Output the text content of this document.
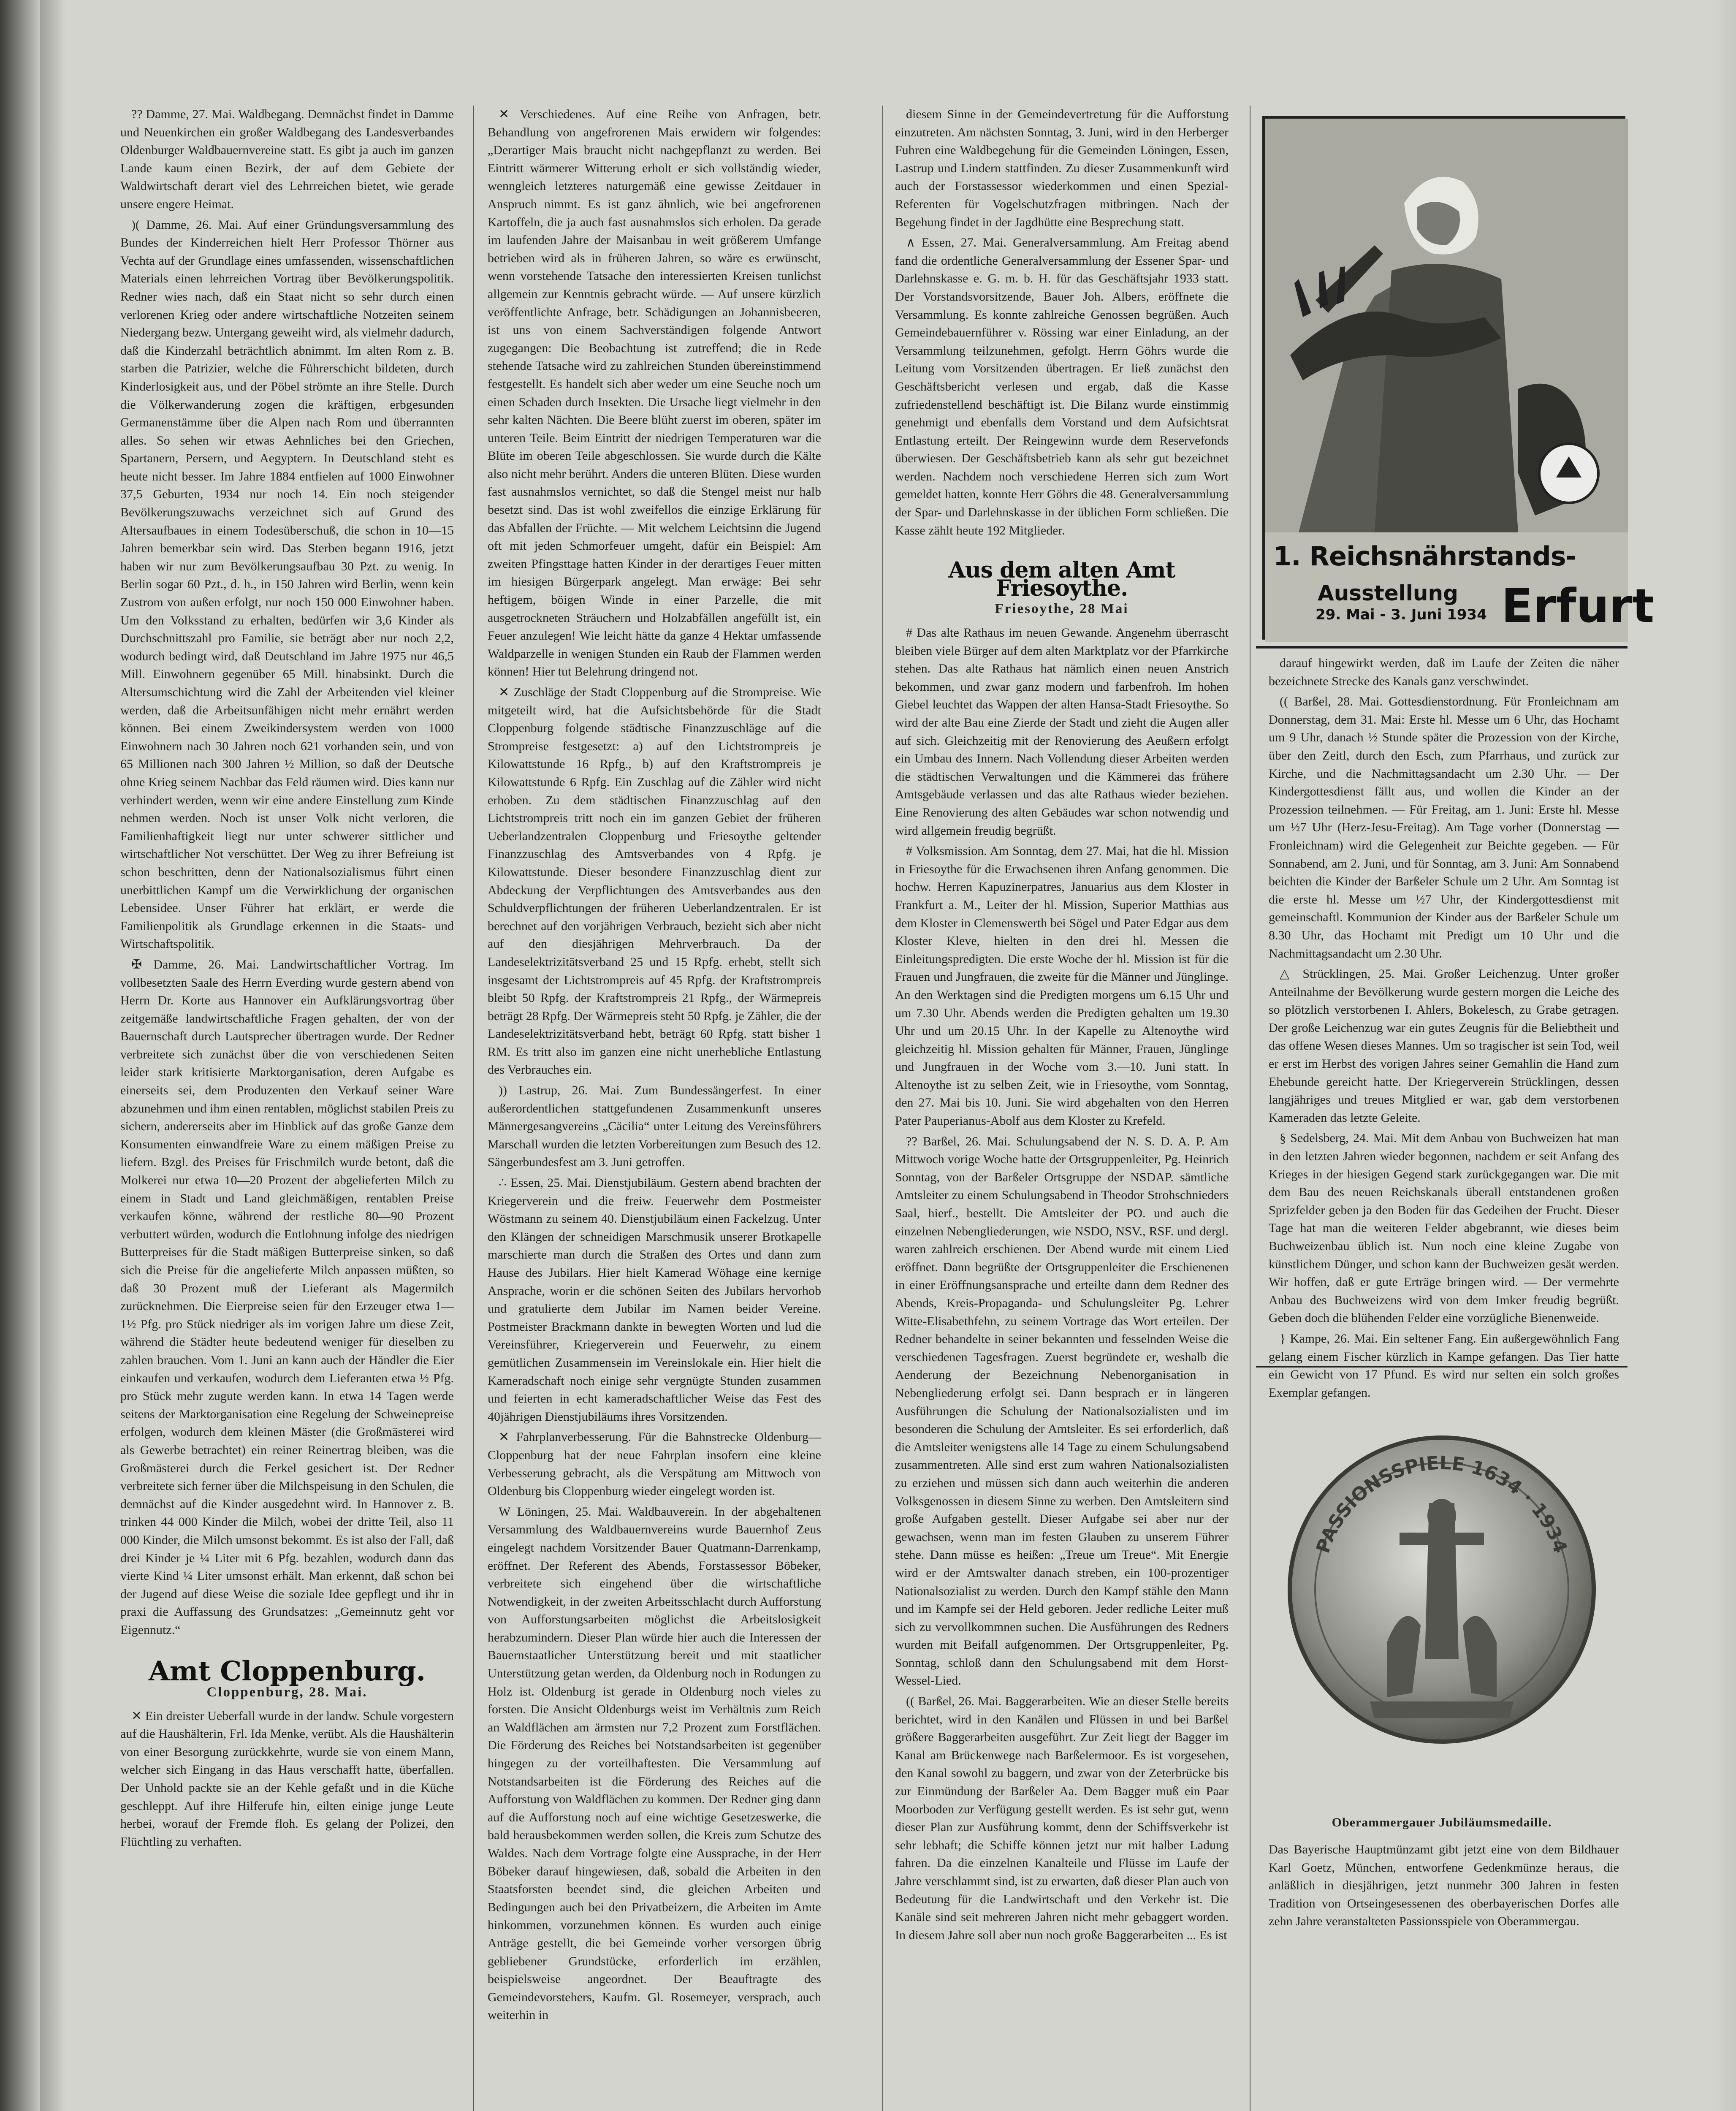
?? Damme, 27. Mai. Waldbegang. Demnächst findet in Damme und Neuenkirchen ein großer Waldbegang des Landesverbandes Oldenburger Waldbauernvereine statt. Es gibt ja auch im ganzen Lande kaum einen Bezirk, der auf dem Gebiete der Waldwirtschaft derart viel des Lehrreichen bietet, wie gerade unsere engere Heimat.

)( Damme, 26. Mai. Auf einer Gründungsversammlung des Bundes der Kinderreichen hielt Herr Professor Thörner aus Vechta auf der Grundlage eines umfassenden, wissenschaftlichen Materials einen lehrreichen Vortrag über Bevölkerungspolitik. Redner wies nach, daß ein Staat nicht so sehr durch einen verlorenen Krieg oder andere wirtschaftliche Notzeiten seinem Niedergang bezw. Untergang geweiht wird, als vielmehr dadurch, daß die Kinderzahl beträchtlich abnimmt. Im alten Rom z. B. starben die Patrizier, welche die Führerschicht bildeten, durch Kinderlosigkeit aus, und der Pöbel strömte an ihre Stelle. Durch die Völkerwanderung zogen die kräftigen, erbgesunden Germanenstämme über die Alpen nach Rom und überrannten alles. So sehen wir etwas Aehnliches bei den Griechen, Spartanern, Persern, und Aegyptern. In Deutschland steht es heute nicht besser. Im Jahre 1884 entfielen auf 1000 Einwohner 37,5 Geburten, 1934 nur noch 14. Ein noch steigender Bevölkerungszuwachs verzeichnet sich auf Grund des Altersaufbaues in einem Todesüberschuß, die schon in 10—15 Jahren bemerkbar sein wird. Das Sterben begann 1916, jetzt haben wir nur zum Bevölkerungsaufbau 30 Pzt. zu wenig. In Berlin sogar 60 Pzt., d. h., in 150 Jahren wird Berlin, wenn kein Zustrom von außen erfolgt, nur noch 150 000 Einwohner haben. Um den Volksstand zu erhalten, bedürfen wir 3,6 Kinder als Durchschnittszahl pro Familie, sie beträgt aber nur noch 2,2, wodurch bedingt wird, daß Deutschland im Jahre 1975 nur 46,5 Mill. Einwohnern gegenüber 65 Mill. hinabsinkt. Durch die Altersumschichtung wird die Zahl der Arbeitenden viel kleiner werden, daß die Arbeitsunfähigen nicht mehr ernährt werden können. Bei einem Zweikindersystem werden von 1000 Einwohnern nach 30 Jahren noch 621 vorhanden sein, und von 65 Millionen nach 300 Jahren ½ Million, so daß der Deutsche ohne Krieg seinem Nachbar das Feld räumen wird. Dies kann nur verhindert werden, wenn wir eine andere Einstellung zum Kinde nehmen werden. Noch ist unser Volk nicht verloren, die Familienhaftigkeit liegt nur unter schwerer sittlicher und wirtschaftlicher Not verschüttet. Der Weg zu ihrer Befreiung ist schon beschritten, denn der Nationalsozialismus führt einen unerbittlichen Kampf um die Verwirklichung der organischen Lebensidee. Unser Führer hat erklärt, er werde die Familienpolitik als Grundlage erkennen in die Staats- und Wirtschaftspolitik.

✠ Damme, 26. Mai. Landwirtschaftlicher Vortrag. Im vollbesetzten Saale des Herrn Everding wurde gestern abend von Herrn Dr. Korte aus Hannover ein Aufklärungsvortrag über zeitgemäße landwirtschaftliche Fragen gehalten, der von der Bauernschaft durch Lautsprecher übertragen wurde. Der Redner verbreitete sich zunächst über die von verschiedenen Seiten leider stark kritisierte Marktorganisation, deren Aufgabe es einerseits sei, dem Produzenten den Verkauf seiner Ware abzunehmen und ihm einen rentablen, möglichst stabilen Preis zu sichern, andererseits aber im Hinblick auf das große Ganze dem Konsumenten einwandfreie Ware zu einem mäßigen Preise zu liefern. Bzgl. des Preises für Frischmilch wurde betont, daß die Molkerei nur etwa 10—20 Prozent der abgelieferten Milch zu einem in Stadt und Land gleichmäßigen, rentablen Preise verkaufen könne, während der restliche 80—90 Prozent verbuttert würden, wodurch die Entlohnung infolge des niedrigen Butterpreises für die Stadt mäßigen Butterpreise sinken, so daß sich die Preise für die angelieferte Milch anpassen müßten, so daß 30 Prozent muß der Lieferant als Magermilch zurücknehmen. Die Eierpreise seien für den Erzeuger etwa 1—1½ Pfg. pro Stück niedriger als im vorigen Jahre um diese Zeit, während die Städter heute bedeutend weniger für dieselben zu zahlen brauchen. Vom 1. Juni an kann auch der Händler die Eier einkaufen und verkaufen, wodurch dem Lieferanten etwa ½ Pfg. pro Stück mehr zugute werden kann. In etwa 14 Tagen werde seitens der Marktorganisation eine Regelung der Schweinepreise erfolgen, wodurch dem kleinen Mäster (die Großmästerei wird als Gewerbe betrachtet) ein reiner Reinertrag bleiben, was die Großmästerei durch die Ferkel gesichert ist. Der Redner verbreitete sich ferner über die Milchspeisung in den Schulen, die demnächst auf die Kinder ausgedehnt wird. In Hannover z. B. trinken 44 000 Kinder die Milch, wobei der dritte Teil, also 11 000 Kinder, die Milch umsonst bekommt. Es ist also der Fall, daß drei Kinder je ¼ Liter mit 6 Pfg. bezahlen, wodurch dann das vierte Kind ¼ Liter umsonst erhält. Man erkennt, daß schon bei der Jugend auf diese Weise die soziale Idee gepflegt und ihr in praxi die Auffassung des Grundsatzes: „Gemeinnutz geht vor Eigennutz.“

Amt Cloppenburg.
Cloppenburg, 28. Mai.

✕ Ein dreister Ueberfall wurde in der landw. Schule vorgestern auf die Haushälterin, Frl. Ida Menke, verübt. Als die Haushälterin von einer Besorgung zurückkehrte, wurde sie von einem Mann, welcher sich Eingang in das Haus verschafft hatte, überfallen. Der Unhold packte sie an der Kehle gefaßt und in die Küche geschleppt. Auf ihre Hilferufe hin, eilten einige junge Leute herbei, worauf der Fremde floh. Es gelang der Polizei, den Flüchtling zu verhaften.

✕ Verschiedenes. Auf eine Reihe von Anfragen, betr. Behandlung von angefrorenen Mais erwidern wir folgendes: „Derartiger Mais braucht nicht nachgepflanzt zu werden. Bei Eintritt wärmerer Witterung erholt er sich vollständig wieder, wenngleich letzteres naturgemäß eine gewisse Zeitdauer in Anspruch nimmt. Es ist ganz ähnlich, wie bei angefrorenen Kartoffeln, die ja auch fast ausnahmslos sich erholen. Da gerade im laufenden Jahre der Maisanbau in weit größerem Umfange betrieben wird als in früheren Jahren, so wäre es erwünscht, wenn vorstehende Tatsache den interessierten Kreisen tunlichst allgemein zur Kenntnis gebracht würde. — Auf unsere kürzlich veröffentlichte Anfrage, betr. Schädigungen an Johannisbeeren, ist uns von einem Sachverständigen folgende Antwort zugegangen: Die Beobachtung ist zutreffend; die in Rede stehende Tatsache wird zu zahlreichen Stunden übereinstimmend festgestellt. Es handelt sich aber weder um eine Seuche noch um einen Schaden durch Insekten. Die Ursache liegt vielmehr in den sehr kalten Nächten. Die Beere blüht zuerst im oberen, später im unteren Teile. Beim Eintritt der niedrigen Temperaturen war die Blüte im oberen Teile abgeschlossen. Sie wurde durch die Kälte also nicht mehr berührt. Anders die unteren Blüten. Diese wurden fast ausnahmslos vernichtet, so daß die Stengel meist nur halb besetzt sind. Das ist wohl zweifellos die einzige Erklärung für das Abfallen der Früchte. — Mit welchem Leichtsinn die Jugend oft mit jeden Schmorfeuer umgeht, dafür ein Beispiel: Am zweiten Pfingsttage hatten Kinder in der derartiges Feuer mitten im hiesigen Bürgerpark angelegt. Man erwäge: Bei sehr heftigem, böigen Winde in einer Parzelle, die mit ausgetrockneten Sträuchern und Holzabfällen angefüllt ist, ein Feuer anzulegen! Wie leicht hätte da ganze 4 Hektar umfassende Waldparzelle in wenigen Stunden ein Raub der Flammen werden können! Hier tut Belehrung dringend not.

✕ Zuschläge der Stadt Cloppenburg auf die Strompreise. Wie mitgeteilt wird, hat die Aufsichtsbehörde für die Stadt Cloppenburg folgende städtische Finanzzuschläge auf die Strompreise festgesetzt: a) auf den Lichtstrompreis je Kilowattstunde 16 Rpfg., b) auf den Kraftstrompreis je Kilowattstunde 6 Rpfg. Ein Zuschlag auf die Zähler wird nicht erhoben. Zu dem städtischen Finanzzuschlag auf den Lichtstrompreis tritt noch ein im ganzen Gebiet der früheren Ueberlandzentralen Cloppenburg und Friesoythe geltender Finanzzuschlag des Amtsverbandes von 4 Rpfg. je Kilowattstunde. Dieser besondere Finanzzuschlag dient zur Abdeckung der Verpflichtungen des Amtsverbandes aus den Schuldverpflichtungen der früheren Ueberlandzentralen. Er ist berechnet auf den vorjährigen Verbrauch, bezieht sich aber nicht auf den diesjährigen Mehrverbrauch. Da der Landeselektrizitätsverband 25 und 15 Rpfg. erhebt, stellt sich insgesamt der Lichtstrompreis auf 45 Rpfg. der Kraftstrompreis bleibt 50 Rpfg. der Kraftstrompreis 21 Rpfg., der Wärmepreis beträgt 28 Rpfg. Der Wärmepreis steht 50 Rpfg. je Zähler, die der Landeselektrizitätsverband hebt, beträgt 60 Rpfg. statt bisher 1 RM. Es tritt also im ganzen eine nicht unerhebliche Entlastung des Verbrauches ein.

)) Lastrup, 26. Mai. Zum Bundessängerfest. In einer außerordentlichen stattgefundenen Zusammenkunft unseres Männergesangvereins „Cäcilia“ unter Leitung des Vereinsführers Marschall wurden die letzten Vorbereitungen zum Besuch des 12. Sängerbundesfest am 3. Juni getroffen.

∴ Essen, 25. Mai. Dienstjubiläum. Gestern abend brachten der Kriegerverein und die freiw. Feuerwehr dem Postmeister Wöstmann zu seinem 40. Dienstjubiläum einen Fackelzug. Unter den Klängen der schneidigen Marschmusik unserer Brotkapelle marschierte man durch die Straßen des Ortes und dann zum Hause des Jubilars. Hier hielt Kamerad Wöhage eine kernige Ansprache, worin er die schönen Seiten des Jubilars hervorhob und gratulierte dem Jubilar im Namen beider Vereine. Postmeister Brackmann dankte in bewegten Worten und lud die Vereinsführer, Kriegerverein und Feuerwehr, zu einem gemütlichen Zusammensein im Vereinslokale ein. Hier hielt die Kameradschaft noch einige sehr vergnügte Stunden zusammen und feierten in echt kameradschaftlicher Weise das Fest des 40jährigen Dienstjubiläums ihres Vorsitzenden.

✕ Fahrplanverbesserung. Für die Bahnstrecke Oldenburg—Cloppenburg hat der neue Fahrplan insofern eine kleine Verbesserung gebracht, als die Verspätung am Mittwoch von Oldenburg bis Cloppenburg wieder eingelegt worden ist.

W Löningen, 25. Mai. Waldbauverein. In der abgehaltenen Versammlung des Waldbauernvereins wurde Bauernhof Zeus eingelegt nachdem Vorsitzender Bauer Quatmann-Darrenkamp, eröffnet. Der Referent des Abends, Forstassessor Böbeker, verbreitete sich eingehend über die wirtschaftliche Notwendigkeit, in der zweiten Arbeitsschlacht durch Aufforstung von Aufforstungsarbeiten möglichst die Arbeitslosigkeit herabzumindern. Dieser Plan würde hier auch die Interessen der Bauernstaatlicher Unterstützung bereit und mit staatlicher Unterstützung getan werden, da Oldenburg noch in Rodungen zu Holz ist. Oldenburg ist gerade in Oldenburg noch vieles zu forsten. Die Ansicht Oldenburgs weist im Verhältnis zum Reich an Waldflächen am ärmsten nur 7,2 Prozent zum Forstflächen. Die Förderung des Reiches bei Notstandsarbeiten ist gegenüber hingegen zu der vorteilhaftesten. Die Versammlung auf Notstandsarbeiten ist die Förderung des Reiches auf die Aufforstung von Waldflächen zu kommen. Der Redner ging dann auf die Aufforstung noch auf eine wichtige Gesetzeswerke, die bald herausbekommen werden sollen, die Kreis zum Schutze des Waldes. Nach dem Vortrage folgte eine Aussprache, in der Herr Böbeker darauf hingewiesen, daß, sobald die Arbeiten in den Staatsforsten beendet sind, die gleichen Arbeiten und Bedingungen auch bei den Privatbeizern, die Arbeiten im Amte hinkommen, vorzunehmen können. Es wurden auch einige Anträge gestellt, die bei Gemeinde vorher versorgen übrig gebliebener Grundstücke, erforderlich im erzählen, beispielsweise angeordnet. Der Beauftragte des Gemeindevorstehers, Kaufm. Gl. Rosemeyer, versprach, auch weiterhin in

diesem Sinne in der Gemeindevertretung für die Aufforstung einzutreten. Am nächsten Sonntag, 3. Juni, wird in den Herberger Fuhren eine Waldbegehung für die Gemeinden Löningen, Essen, Lastrup und Lindern stattfinden. Zu dieser Zusammenkunft wird auch der Forstassessor wiederkommen und einen Spezial-Referenten für Vogelschutzfragen mitbringen. Nach der Begehung findet in der Jagdhütte eine Besprechung statt.

∧ Essen, 27. Mai. Generalversammlung. Am Freitag abend fand die ordentliche Generalversammlung der Essener Spar- und Darlehnskasse e. G. m. b. H. für das Geschäftsjahr 1933 statt. Der Vorstandsvorsitzende, Bauer Joh. Albers, eröffnete die Versammlung. Es konnte zahlreiche Genossen begrüßen. Auch Gemeindebauernführer v. Rössing war einer Einladung, an der Versammlung teilzunehmen, gefolgt. Herrn Göhrs wurde die Leitung vom Vorsitzenden übertragen. Er ließ zunächst den Geschäftsbericht verlesen und ergab, daß die Kasse zufriedenstellend beschäftigt ist. Die Bilanz wurde einstimmig genehmigt und ebenfalls dem Vorstand und dem Aufsichtsrat Entlastung erteilt. Der Reingewinn wurde dem Reservefonds überwiesen. Der Geschäftsbetrieb kann als sehr gut bezeichnet werden. Nachdem noch verschiedene Herren sich zum Wort gemeldet hatten, konnte Herr Göhrs die 48. Generalversammlung der Spar- und Darlehnskasse in der üblichen Form schließen. Die Kasse zählt heute 192 Mitglieder.

Aus dem alten Amt Friesoythe.
Friesoythe, 28 Mai

# Das alte Rathaus im neuen Gewande. Angenehm überrascht bleiben viele Bürger auf dem alten Marktplatz vor der Pfarrkirche stehen. Das alte Rathaus hat nämlich einen neuen Anstrich bekommen, und zwar ganz modern und farbenfroh. Im hohen Giebel leuchtet das Wappen der alten Hansa-Stadt Friesoythe. So wird der alte Bau eine Zierde der Stadt und zieht die Augen aller auf sich. Gleichzeitig mit der Renovierung des Aeußern erfolgt ein Umbau des Innern. Nach Vollendung dieser Arbeiten werden die städtischen Verwaltungen und die Kämmerei das frühere Amtsgebäude verlassen und das alte Rathaus wieder beziehen. Eine Renovierung des alten Gebäudes war schon notwendig und wird allgemein freudig begrüßt.

# Volksmission. Am Sonntag, dem 27. Mai, hat die hl. Mission in Friesoythe für die Erwachsenen ihren Anfang genommen. Die hochw. Herren Kapuzinerpatres, Januarius aus dem Kloster in Frankfurt a. M., Leiter der hl. Mission, Superior Matthias aus dem Kloster in Clemenswerth bei Sögel und Pater Edgar aus dem Kloster Kleve, hielten in den drei hl. Messen die Einleitungspredigten. Die erste Woche der hl. Mission ist für die Frauen und Jungfrauen, die zweite für die Männer und Jünglinge. An den Werktagen sind die Predigten morgens um 6.15 Uhr und um 7.30 Uhr. Abends werden die Predigten gehalten um 19.30 Uhr und um 20.15 Uhr. In der Kapelle zu Altenoythe wird gleichzeitig hl. Mission gehalten für Männer, Frauen, Jünglinge und Jungfrauen in der Woche vom 3.—10. Juni statt. In Altenoythe ist zu selben Zeit, wie in Friesoythe, vom Sonntag, den 27. Mai bis 10. Juni. Sie wird abgehalten von den Herren Pater Pauperianus-Abolf aus dem Kloster zu Krefeld.

?? Barßel, 26. Mai. Schulungsabend der N. S. D. A. P. Am Mittwoch vorige Woche hatte der Ortsgruppenleiter, Pg. Heinrich Sonntag, von der Barßeler Ortsgruppe der NSDAP. sämtliche Amtsleiter zu einem Schulungsabend in Theodor Strohschnieders Saal, hierf., bestellt. Die Amtsleiter der PO. und auch die einzelnen Nebengliederungen, wie NSDO, NSV., RSF. und dergl. waren zahlreich erschienen. Der Abend wurde mit einem Lied eröffnet. Dann begrüßte der Ortsgruppenleiter die Erschienenen in einer Eröffnungsansprache und erteilte dann dem Redner des Abends, Kreis-Propaganda- und Schulungsleiter Pg. Lehrer Witte-Elisabethfehn, zu seinem Vortrage das Wort erteilen. Der Redner behandelte in seiner bekannten und fesselnden Weise die verschiedenen Tagesfragen. Zuerst begründete er, weshalb die Aenderung der Bezeichnung Nebenorganisation in Nebengliederung erfolgt sei. Dann besprach er in längeren Ausführungen die Schulung der Nationalsozialisten und im besonderen die Schulung der Amtsleiter. Es sei erforderlich, daß die Amtsleiter wenigstens alle 14 Tage zu einem Schulungsabend zusammentreten. Alle sind erst zum wahren Nationalsozialisten zu erziehen und müssen sich dann auch weiterhin die anderen Volksgenossen in diesem Sinne zu werben. Den Amtsleitern sind große Aufgaben gestellt. Dieser Aufgabe sei aber nur der gewachsen, wenn man im festen Glauben zu unserem Führer stehe. Dann müsse es heißen: „Treue um Treue“. Mit Energie wird er der Amtswalter danach streben, ein 100-prozentiger Nationalsozialist zu werden. Durch den Kampf stähle den Mann und im Kampfe sei der Held geboren. Jeder redliche Leiter muß sich zu vervollkommnen suchen. Die Ausführungen des Redners wurden mit Beifall aufgenommen. Der Ortsgruppenleiter, Pg. Sonntag, schloß dann den Schulungsabend mit dem Horst-Wessel-Lied.

(( Barßel, 26. Mai. Baggerarbeiten. Wie an dieser Stelle bereits berichtet, wird in den Kanälen und Flüssen in und bei Barßel größere Baggerarbeiten ausgeführt. Zur Zeit liegt der Bagger im Kanal am Brückenwege nach Barßelermoor. Es ist vorgesehen, den Kanal sowohl zu baggern, und zwar von der Zeterbrücke bis zur Einmündung der Barßeler Aa. Dem Bagger muß ein Paar Moorboden zur Verfügung gestellt werden. Es ist sehr gut, wenn dieser Plan zur Ausführung kommt, denn der Schiffsverkehr ist sehr lebhaft; die Schiffe können jetzt nur mit halber Ladung fahren. Da die einzelnen Kanalteile und Flüsse im Laufe der Jahre verschlammt sind, ist zu erwarten, daß dieser Plan auch von Bedeutung für die Landwirtschaft und den Verkehr ist. Die Kanäle sind seit mehreren Jahren nicht mehr gebaggert worden. In diesem Jahre soll aber nun noch große Baggerarbeiten ... Es ist

1. Reichsnährstands-
Ausstellung Erfurt
29. Mai - 3. Juni 1934

darauf hingewirkt werden, daß im Laufe der Zeiten die näher bezeichnete Strecke des Kanals ganz verschwindet.

(( Barßel, 28. Mai. Gottesdienstordnung. Für Fronleichnam am Donnerstag, dem 31. Mai: Erste hl. Messe um 6 Uhr, das Hochamt um 9 Uhr, danach ½ Stunde später die Prozession von der Kirche, über den Zeitl, durch den Esch, zum Pfarrhaus, und zurück zur Kirche, und die Nachmittagsandacht um 2.30 Uhr. — Der Kindergottesdienst fällt aus, und wollen die Kinder an der Prozession teilnehmen. — Für Freitag, am 1. Juni: Erste hl. Messe um ½7 Uhr (Herz-Jesu-Freitag). Am Tage vorher (Donnerstag — Fronleichnam) wird die Gelegenheit zur Beichte gegeben. — Für Sonnabend, am 2. Juni, und für Sonntag, am 3. Juni: Am Sonnabend beichten die Kinder der Barßeler Schule um 2 Uhr. Am Sonntag ist die erste hl. Messe um ½7 Uhr, der Kindergottesdienst mit gemeinschaftl. Kommunion der Kinder aus der Barßeler Schule um 8.30 Uhr, das Hochamt mit Predigt um 10 Uhr und die Nachmittagsandacht um 2.30 Uhr.

△ Strücklingen, 25. Mai. Großer Leichenzug. Unter großer Anteilnahme der Bevölkerung wurde gestern morgen die Leiche des so plötzlich verstorbenen I. Ahlers, Bokelesch, zu Grabe getragen. Der große Leichenzug war ein gutes Zeugnis für die Beliebtheit und das offene Wesen dieses Mannes. Um so tragischer ist sein Tod, weil er erst im Herbst des vorigen Jahres seiner Gemahlin die Hand zum Ehebunde gereicht hatte. Der Kriegerverein Strücklingen, dessen langjähriges und treues Mitglied er war, gab dem verstorbenen Kameraden das letzte Geleite.

§ Sedelsberg, 24. Mai. Mit dem Anbau von Buchweizen hat man in den letzten Jahren wieder begonnen, nachdem er seit Anfang des Krieges in der hiesigen Gegend stark zurückgegangen war. Die mit dem Bau des neuen Reichskanals überall entstandenen großen Sprizfelder geben ja den Boden für das Gedeihen der Frucht. Dieser Tage hat man die weiteren Felder abgebrannt, wie dieses beim Buchweizenbau üblich ist. Nun noch eine kleine Zugabe von künstlichem Dünger, und schon kann der Buchweizen gesät werden. Wir hoffen, daß er gute Erträge bringen wird. — Der vermehrte Anbau des Buchweizens wird von dem Imker freudig begrüßt. Geben doch die blühenden Felder eine vorzügliche Bienenweide.

} Kampe, 26. Mai. Ein seltener Fang. Ein außergewöhnlich Fang gelang einem Fischer kürzlich in Kampe gefangen. Das Tier hatte ein Gewicht von 17 Pfund. Es wird nur selten ein solch großes Exemplar gefangen.

PASSIONSSPIELE 1634 · 1934
Oberammergauer Jubiläumsmedaille.
Das Bayerische Hauptmünzamt gibt jetzt eine von dem Bildhauer Karl Goetz, München, entworfene Gedenkmünze heraus, die anläßlich in diesjährigen, jetzt nunmehr 300 Jahren in festen Tradition von Ortseingesessenen des oberbayerischen Dorfes alle zehn Jahre veranstalteten Passionsspiele von Oberammergau.
